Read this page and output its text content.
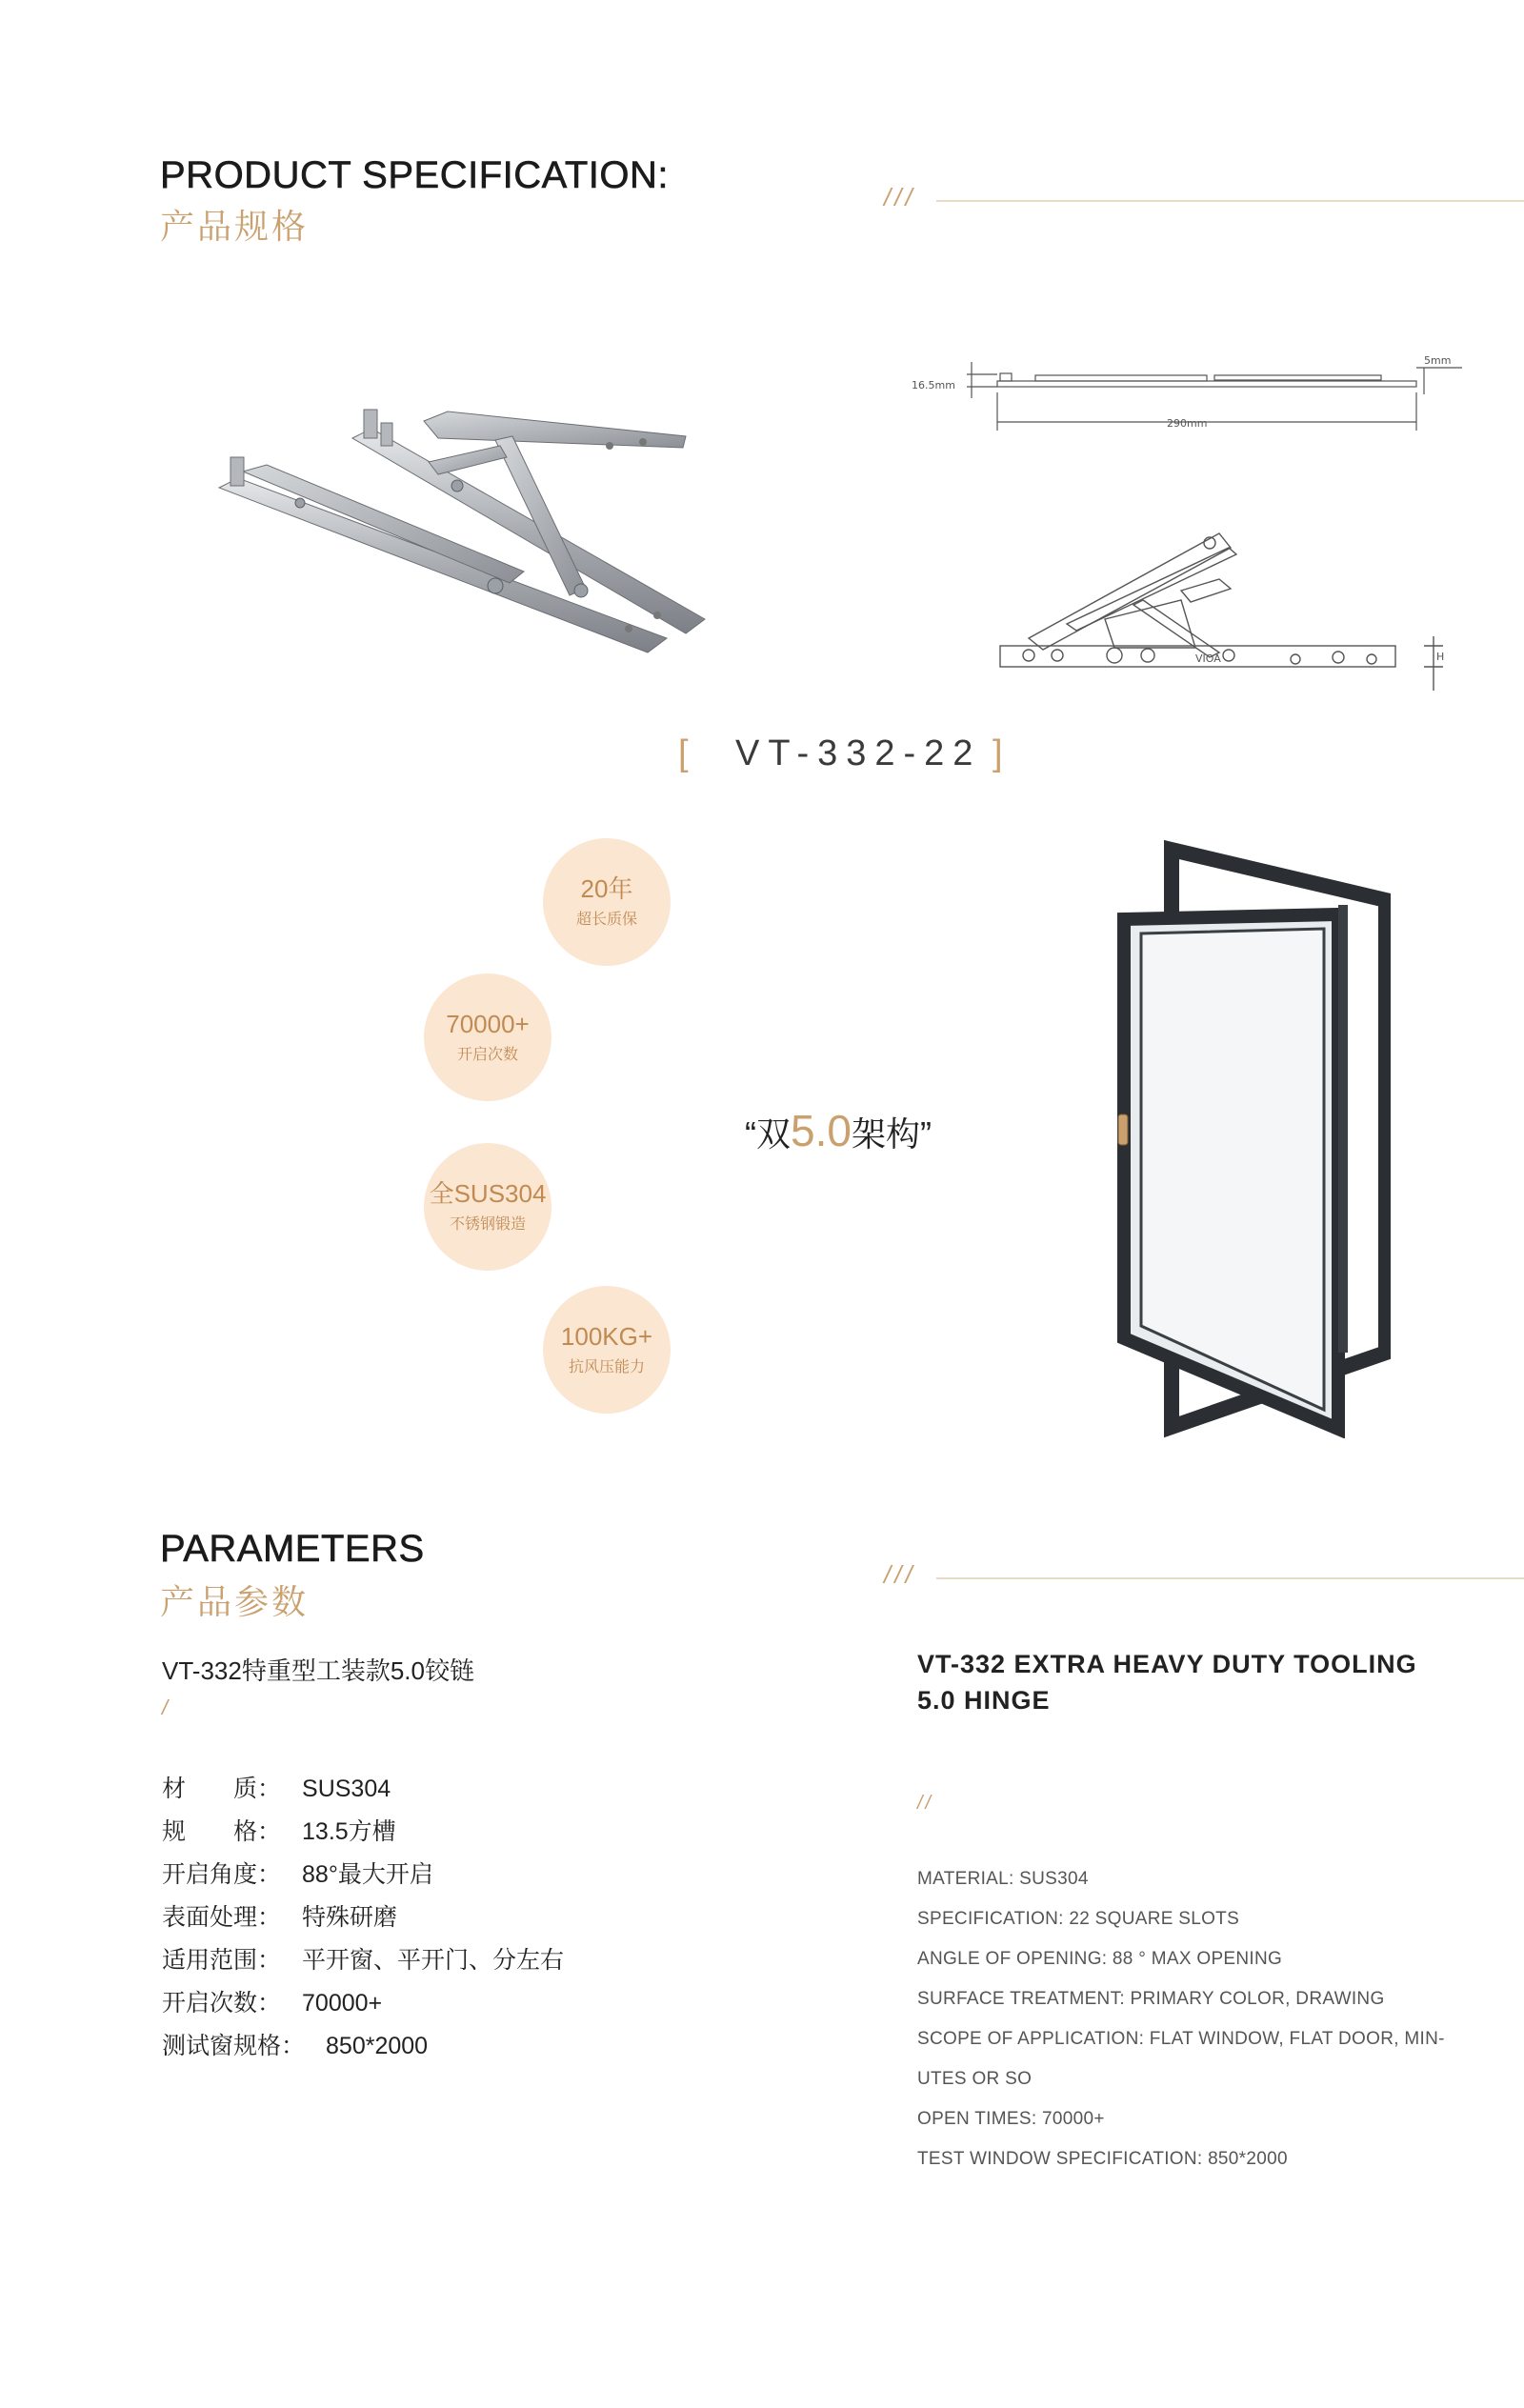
PRODUCT SPECIFICATION:
产品规格
///
16.5mm
5mm
290mm
H
VIOA
[ VT-332-22 ]
20年
超长质保
70000+
开启次数
全SUS304
不锈钢锻造
100KG+
抗风压能力
“双5.0架构”
PARAMETERS
产品参数
///
VT-332特重型工装款5.0铰链
/
材　　质： SUS304
规　　格： 13.5方槽
开启角度： 88°最大开启
表面处理： 特殊研磨
适用范围： 平开窗、平开门、分左右
开启次数： 70000+
测试窗规格： 850*2000
VT-332 EXTRA HEAVY DUTY TOOLING
5.0 HINGE
//
MATERIAL: SUS304
SPECIFICATION: 22 SQUARE SLOTS
ANGLE OF OPENING: 88 ° MAX OPENING
SURFACE TREATMENT: PRIMARY COLOR, DRAWING
SCOPE OF APPLICATION: FLAT WINDOW, FLAT DOOR, MIN-
UTES OR SO
OPEN TIMES: 70000+
TEST WINDOW SPECIFICATION: 850*2000
